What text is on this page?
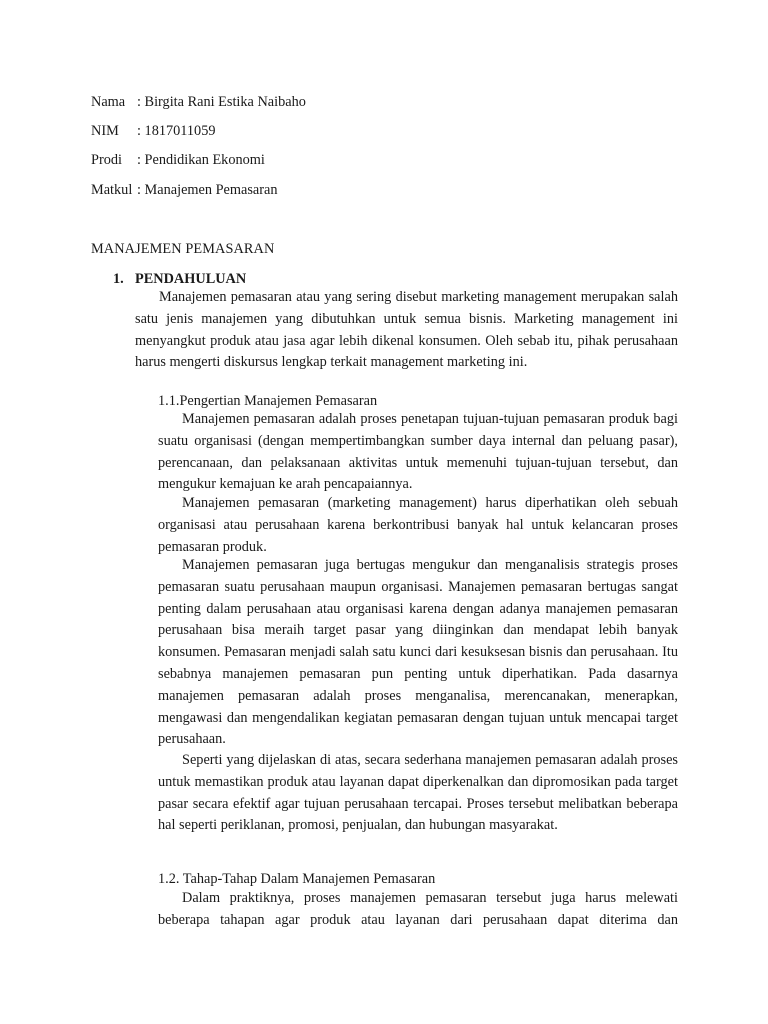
Nama : Birgita Rani Estika Naibaho
NIM : 1817011059
Prodi : Pendidikan Ekonomi
Matkul : Manajemen Pemasaran
MANAJEMEN PEMASARAN
1. PENDAHULUAN

Manajemen pemasaran atau yang sering disebut marketing management merupakan salah satu jenis manajemen yang dibutuhkan untuk semua bisnis. Marketing management ini menyangkut produk atau jasa agar lebih dikenal konsumen. Oleh sebab itu, pihak perusahaan harus mengerti diskursus lengkap terkait management marketing ini.

1.1.Pengertian Manajemen Pemasaran

Manajemen pemasaran adalah proses penetapan tujuan-tujuan pemasaran produk bagi suatu organisasi (dengan mempertimbangkan sumber daya internal dan peluang pasar), perencanaan, dan pelaksanaan aktivitas untuk memenuhi tujuan-tujuan tersebut, dan mengukur kemajuan ke arah pencapaiannya.

Manajemen pemasaran (marketing management) harus diperhatikan oleh sebuah organisasi atau perusahaan karena berkontribusi banyak hal untuk kelancaran proses pemasaran produk.

Manajemen pemasaran juga bertugas mengukur dan menganalisis strategis proses pemasaran suatu perusahaan maupun organisasi. Manajemen pemasaran bertugas sangat penting dalam perusahaan atau organisasi karena dengan adanya manajemen pemasaran perusahaan bisa meraih target pasar yang diinginkan dan mendapat lebih banyak konsumen. Pemasaran menjadi salah satu kunci dari kesuksesan bisnis dan perusahaan. Itu sebabnya manajemen pemasaran pun penting untuk diperhatikan. Pada dasarnya manajemen pemasaran adalah proses menganalisa, merencanakan, menerapkan, mengawasi dan mengendalikan kegiatan pemasaran dengan tujuan untuk mencapai target perusahaan.

Seperti yang dijelaskan di atas, secara sederhana manajemen pemasaran adalah proses untuk memastikan produk atau layanan dapat diperkenalkan dan dipromosikan pada target pasar secara efektif agar tujuan perusahaan tercapai. Proses tersebut melibatkan beberapa hal seperti periklanan, promosi, penjualan, dan hubungan masyarakat.

1.2. Tahap-Tahap Dalam Manajemen Pemasaran

Dalam praktiknya, proses manajemen pemasaran tersebut juga harus melewati beberapa tahapan agar produk atau layanan dari perusahaan dapat diterima dan
